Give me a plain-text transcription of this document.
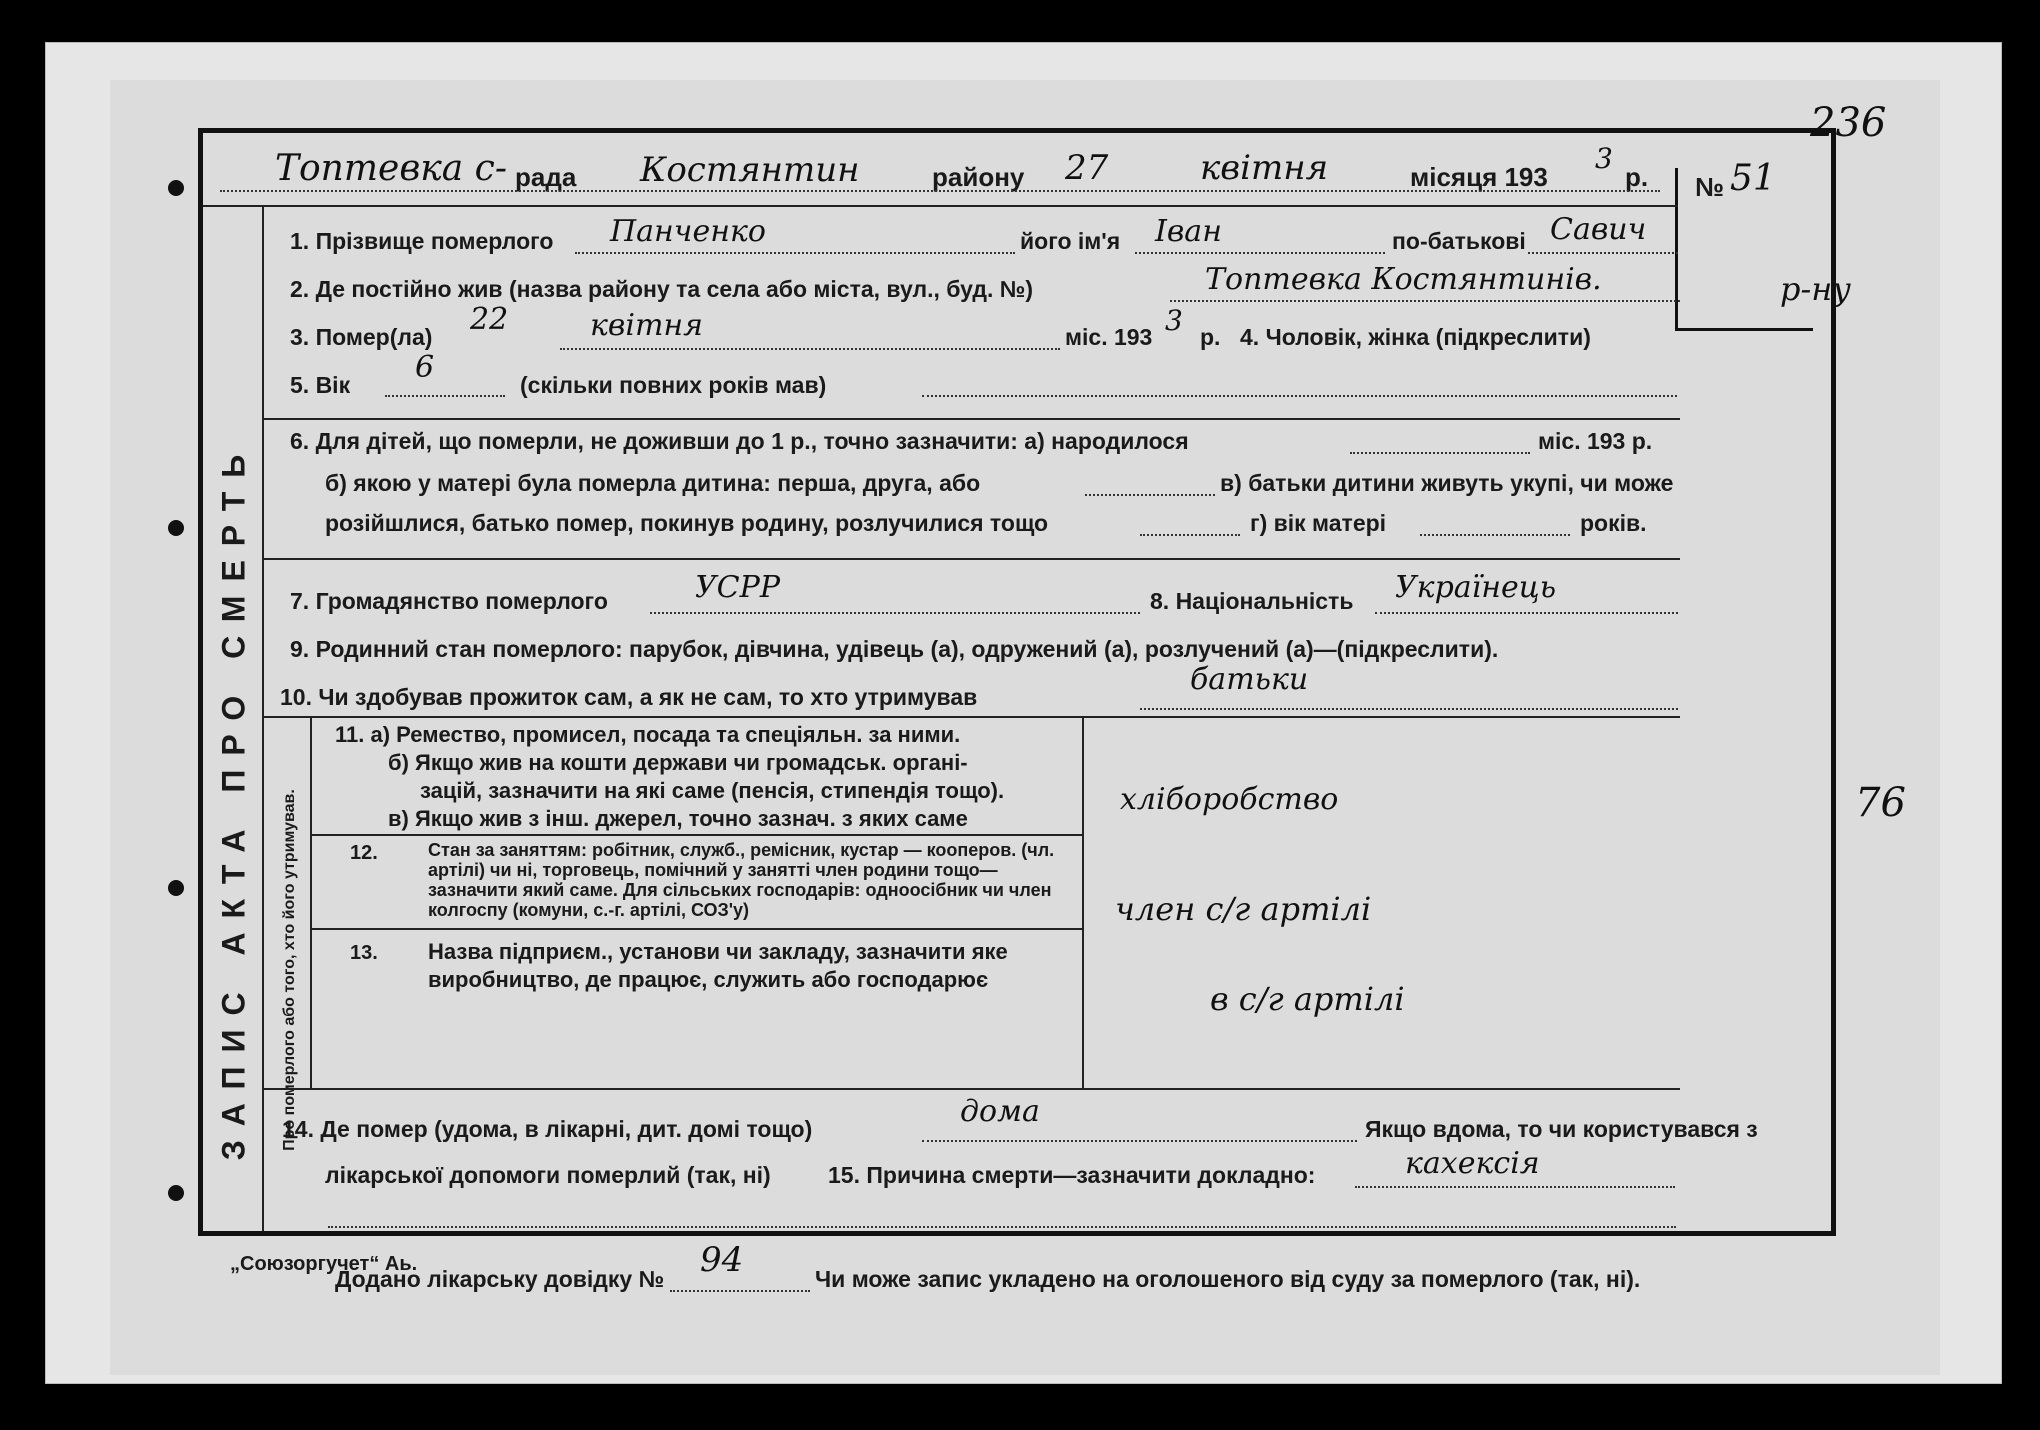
Топтевка с- рада Костянтин	району 27	квітня	місяця 193
3
р. № 51
236
ЗАПИС АКТА ПРО СМЕРТЬ
1. Прізвище померлого Панченко	його ім'я Іван	по-батькові Савич
2. Де постійно жив (назва району та села або міста, вул., буд. №)	Топтевка Костянтинів.	р-ну
3. Помер(ла) 22	квітня	міс. 193 3 р. 4. Чоловік, жінка (підкреслити)
5. Вік 6	(скільки повних років мав)
6. Для дітей, що померли, не доживши до 1 р., точно зазначити: а) народилося	міс. 193 р.
б) якою у матері була померла дитина: перша, друга, або	в) батьки дитини живуть укупі, чи може
розійшлися, батько помер, покинув родину, розлучилися тощо	г) вік матері	років.
7. Громадянство померлого	УСРР	8. Національність Українець
9. Родинний стан померлого: парубок, дівчина, удівець (а), одружений (а), розлучений (а)—(підкреслити).
10. Чи здобував прожиток сам, а як не сам, то хто утримував	батьки
Про померлого або того, хто його утримував.
11. а) Ремество, промисел, посада та спеціяльн. за ними.
б) Якщо жив на кошти держави чи громадськ. органі-
зацій, зазначити на які саме (пенсія, стипендія тощо).
в) Якщо жив з інш. джерел, точно зазнач. з яких саме
хліборобство
12.	Стан за заняттям: робітник, служб., ремісник, кустар — кооперов. (чл. артілі) чи ні, торговець, помічний у занятті член родини тощо—зазначити який саме. Для сільських господарів: одноосібник чи член колгоспу (комуни, с.-г. артілі, СОЗ'у)	член с/г артілі
13. Назва підприєм., установи чи закладу, зазначити яке виробництво, де працює, служить або господарює
в с/г артілі
76
14. Де помер (удома, в лікарні, дит. домі тощо)	дома	Якщо вдома, то чи користувався з
лікарської допомоги померлий (так, ні) 15. Причина смерти—зазначити докладно:	кахексія
Додано лікарську довідку № 94	Чи може запис укладено на оголошеного від суду за померлого (так, ні).
„Союзоргучет“ Аь.
